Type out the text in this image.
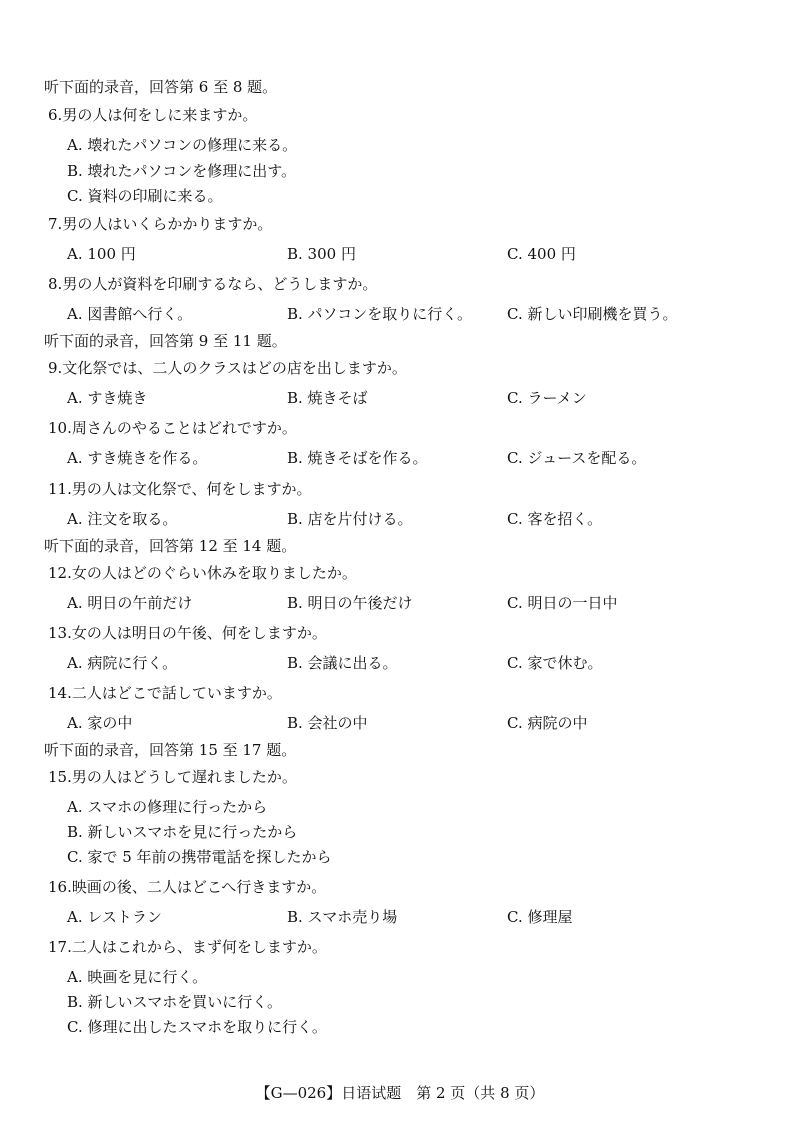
听下面的录音，回答第 6 至 8 题。
6.男の人は何をしに来ますか。
A. 壊れたパソコンの修理に来る。
B. 壊れたパソコンを修理に出す。
C. 資料の印刷に来る。
7.男の人はいくらかかりますか。
A. 100 円	B. 300 円	C. 400 円
8.男の人が資料を印刷するなら、どうしますか。
A. 図書館へ行く。	B. パソコンを取りに行く。 C. 新しい印刷機を買う。
听下面的录音，回答第 9 至 11 题。
9.文化祭では、二人のクラスはどの店を出しますか。
A. すき焼き	B. 焼きそば	C. ラーメン
10.周さんのやることはどれですか。
A. すき焼きを作る。	B. 焼きそばを作る。	C. ジュースを配る。
11.男の人は文化祭で、何をしますか。
A. 注文を取る。	B. 店を片付ける。	C. 客を招く。
听下面的录音，回答第 12 至 14 题。
12.女の人はどのぐらい休みを取りましたか。
A. 明日の午前だけ	B. 明日の午後だけ	C. 明日の一日中
13.女の人は明日の午後、何をしますか。
A. 病院に行く。	B. 会議に出る。	C. 家で休む。
14.二人はどこで話していますか。
A. 家の中	B. 会社の中	C. 病院の中
听下面的录音，回答第 15 至 17 题。
15.男の人はどうして遅れましたか。
A. スマホの修理に行ったから
B. 新しいスマホを見に行ったから
C. 家で 5 年前の携帯電話を探したから
16.映画の後、二人はどこへ行きますか。
A. レストラン	B. スマホ売り場	C. 修理屋
17.二人はこれから、まず何をしますか。
A. 映画を見に行く。
B. 新しいスマホを買いに行く。
C. 修理に出したスマホを取りに行く。
【G—026】日语试题　第 2 页（共 8 页）
